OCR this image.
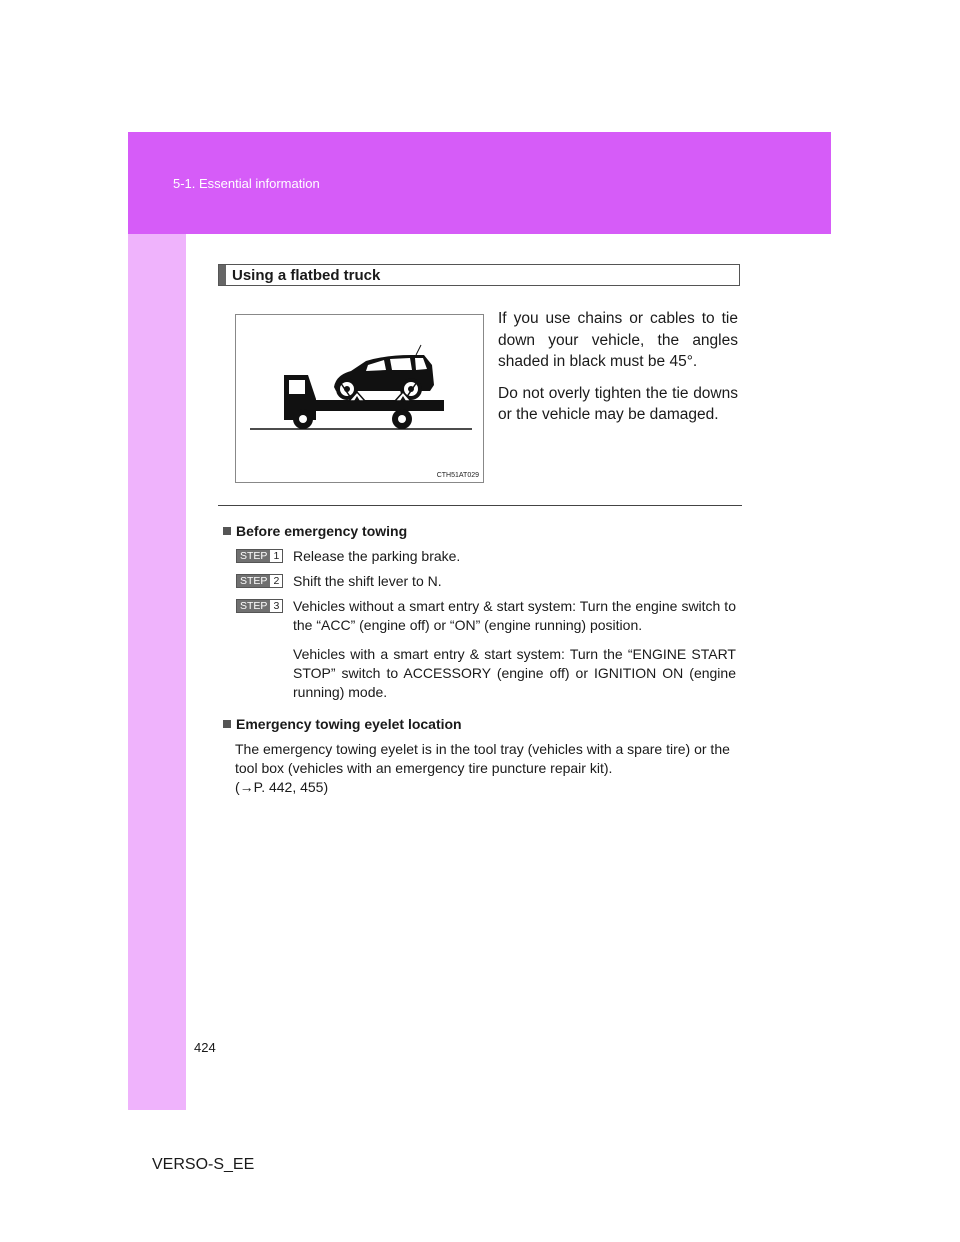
5-1. Essential information
424
VERSO-S_EE
Using a flatbed truck
CTH51AT029

If you use chains or cables to tie down your vehicle, the angles shaded in black must be 45°.

Do not overly tighten the tie downs or the vehicle may be damaged.

Before emergency towing
STEP 1 Release the parking brake.

STEP 2 Shift the shift lever to N.

STEP 3 Vehicles without a smart entry & start system: Turn the engine switch to the “ACC” (engine off) or “ON” (engine running) position.

Vehicles with a smart entry & start system: Turn the “ENGINE START STOP” switch to ACCESSORY (engine off) or IGNITION ON (engine running) mode.

Emergency towing eyelet location
The emergency towing eyelet is in the tool tray (vehicles with a spare tire) or the tool box (vehicles with an emergency tire puncture repair kit).
(→P. 442, 455)
